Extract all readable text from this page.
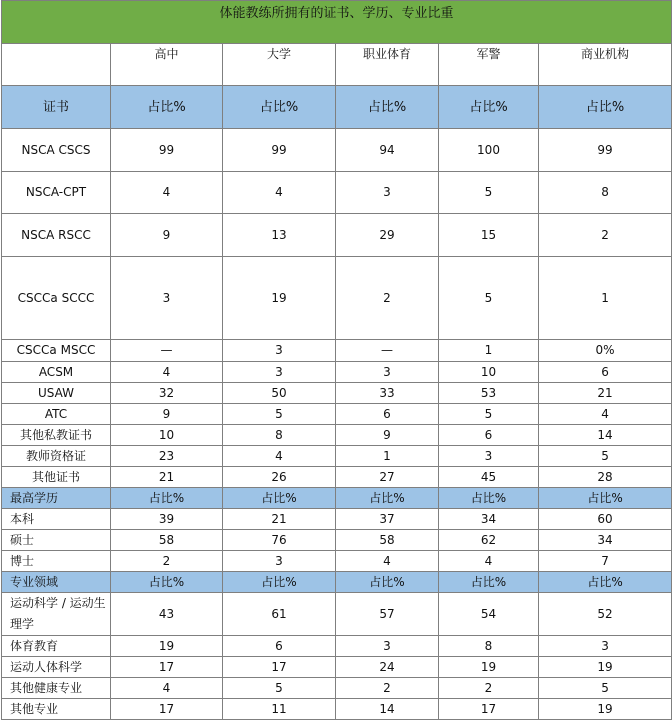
体能教练所拥有的证书、学历、专业比重					
	高中	大学	职业体育	军警	商业机构
证书	占比%	占比%	占比%	占比%	占比%
NSCA CSCS	99	99	94	100	99
NSCA-CPT	4	4	3	5	8
NSCA RSCC	9	13	29	15	2
CSCCa SCCC	3	19	2	5	1
CSCCa MSCC	—	3	—	1	0%
ACSM	4	3	3	10	6
USAW	32	50	33	53	21
ATC	9	5	6	5	4
其他私教证书	10	8	9	6	14
教师资格证	23	4	1	3	5
其他证书	21	26	27	45	28
最高学历	占比%	占比%	占比%	占比%	占比%
本科	39	21	37	34	60
硕士	58	76	58	62	34
博士	2	3	4	4	7
专业领域	占比%	占比%	占比%	占比%	占比%
运动科学 / 运动生理学	43	61	57	54	52
体育教育	19	6	3	8	3
运动人体科学	17	17	24	19	19
其他健康专业	4	5	2	2	5
其他专业	17	11	14	17	19
